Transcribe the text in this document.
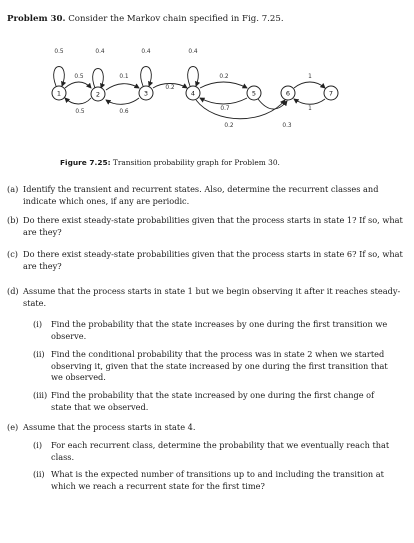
Problem 30. Consider the Markov chain specified in Fig. 7.25.
1	2	3	4	5	6	7
0.5	0.4	0.4	0.4
0.5	0.1
0.2
0.2	1
0.5	0.6	0.7	1
0.2	0.3
Figure 7.25: Transition probability graph for Problem 30.
(a) Identify the transient and recurrent states. Also, determine the recurrent classes and indicate which ones, if any are periodic.
(b) Do there exist steady-state probabilities given that the process starts in state 1? If so, what are they?
(c) Do there exist steady-state probabilities given that the process starts in state 6? If so, what are they?
(d) Assume that the process starts in state 1 but we begin observing it after it reaches steady-state.
(i)	Find the probability that the state increases by one during the first transition we observe.
(ii) Find the conditional probability that the process was in state 2 when we started observing it, given that the state increased by one during the first transition that we observed.
(iii) Find the probability that the state increased by one during the first change of state that we observed.
(e) Assume that the process starts in state 4.
(i)	For each recurrent class, determine the probability that we eventually reach that class.
(ii) What is the expected number of transitions up to and including the transition at which we reach a recurrent state for the first time?
